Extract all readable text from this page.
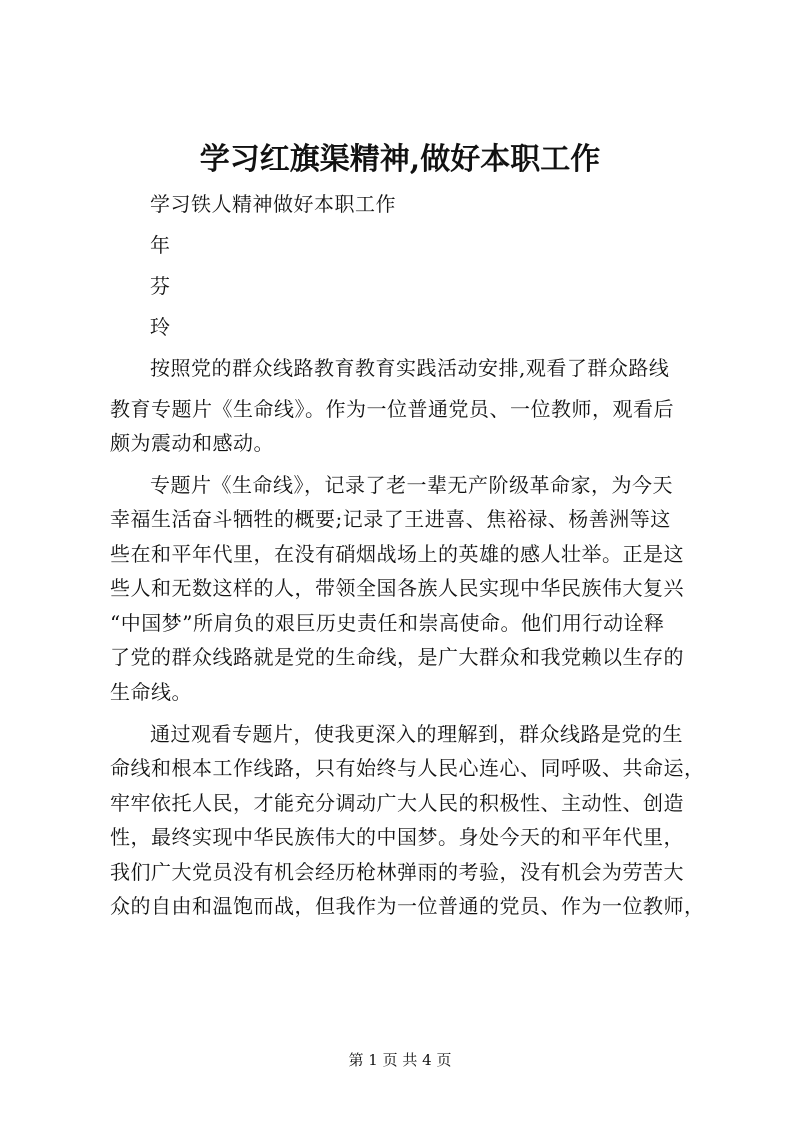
学习红旗渠精神,做好本职工作
学习铁人精神做好本职工作
年
芬
玲
按照党的群众线路教育教育实践活动安排,观看了群众路线
教育专题片《生命线》。作为一位普通党员、一位教师，观看后
颇为震动和感动。
专题片《生命线》，记录了老一辈无产阶级革命家，为今天
幸福生活奋斗牺牲的概要;记录了王进喜、焦裕禄、杨善洲等这
些在和平年代里，在没有硝烟战场上的英雄的感人壮举。正是这
些人和无数这样的人，带领全国各族人民实现中华民族伟大复兴
“中国梦”所肩负的艰巨历史责任和崇高使命。他们用行动诠释
了党的群众线路就是党的生命线，是广大群众和我党赖以生存的
生命线。
通过观看专题片，使我更深入的理解到，群众线路是党的生
命线和根本工作线路，只有始终与人民心连心、同呼吸、共命运，
牢牢依托人民，才能充分调动广大人民的积极性、主动性、创造
性，最终实现中华民族伟大的中国梦。身处今天的和平年代里，
我们广大党员没有机会经历枪林弹雨的考验，没有机会为劳苦大
众的自由和温饱而战，但我作为一位普通的党员、作为一位教师，
第 1 页 共 4 页
